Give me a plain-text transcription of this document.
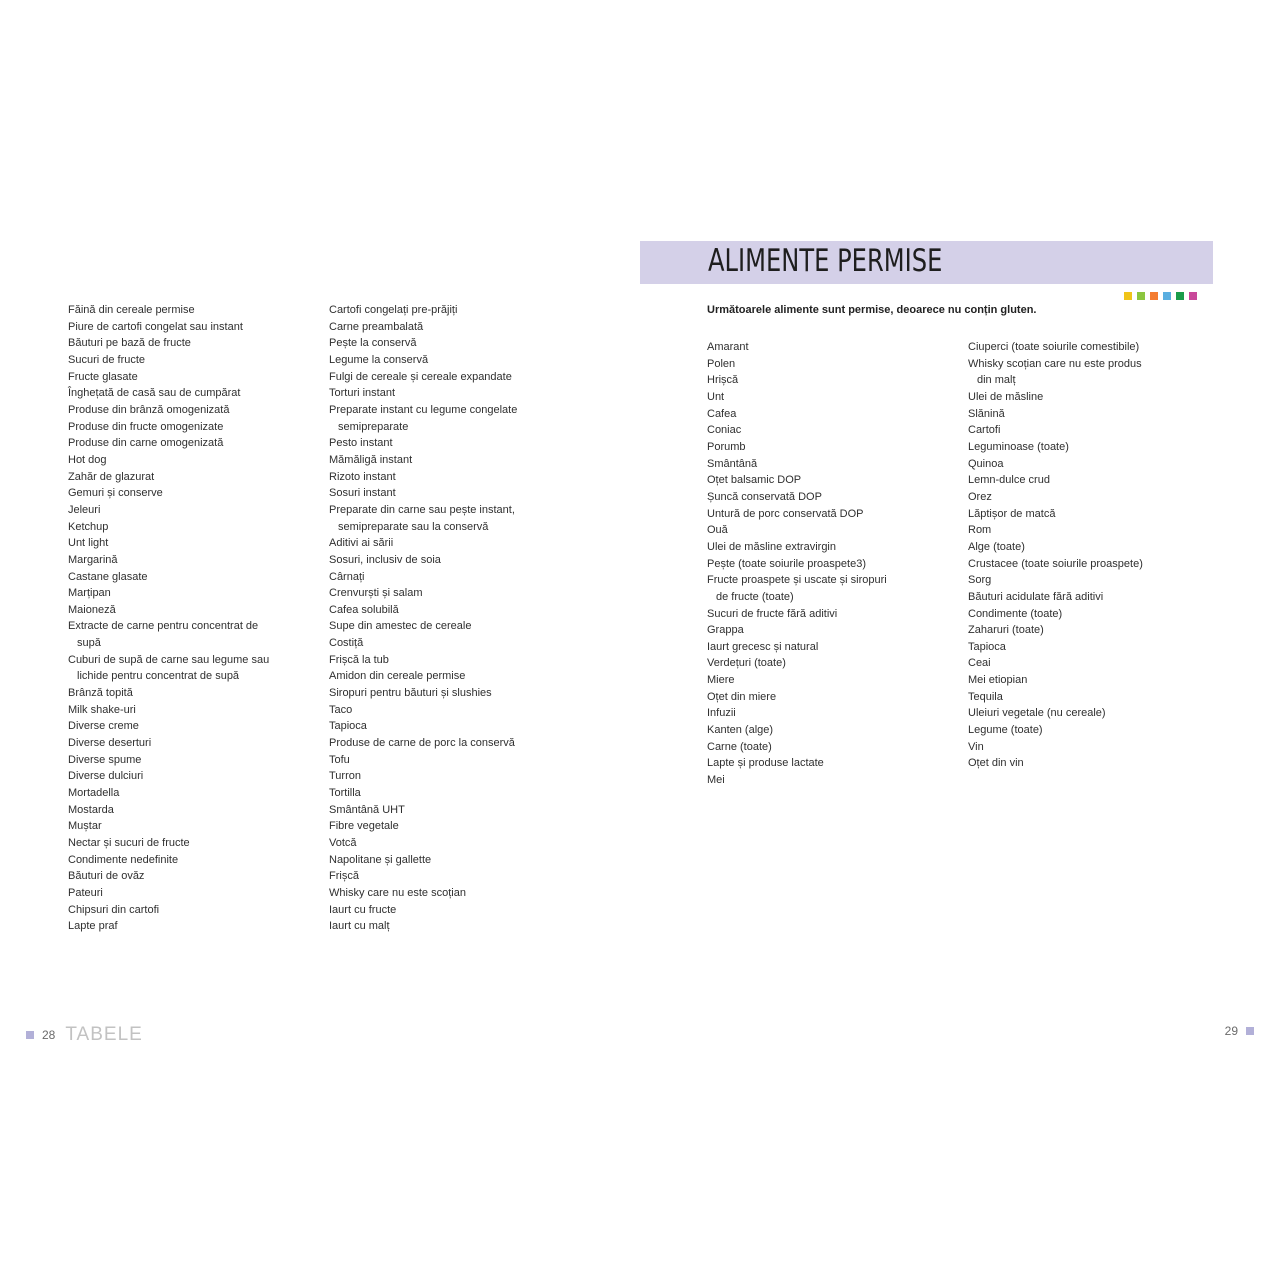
Făină din cereale permise
Piure de cartofi congelat sau instant
Băuturi pe bază de fructe
Sucuri de fructe
Fructe glasate
Înghețată de casă sau de cumpărat
Produse din brânză omogenizată
Produse din fructe omogenizate
Produse din carne omogenizată
Hot dog
Zahăr de glazurat
Gemuri și conserve
Jeleuri
Ketchup
Unt light
Margarină
Castane glasate
Marțipan
Maioneză
Extracte de carne pentru concentrat de
supă
Cuburi de supă de carne sau legume sau
lichide pentru concentrat de supă
Brânză topită
Milk shake-uri
Diverse creme
Diverse deserturi
Diverse spume
Diverse dulciuri
Mortadella
Mostarda
Muștar
Nectar și sucuri de fructe
Condimente nedefinite
Băuturi de ovăz
Pateuri
Chipsuri din cartofi
Lapte praf
Cartofi congelați pre-prăjiți
Carne preambalată
Pește la conservă
Legume la conservă
Fulgi de cereale și cereale expandate
Torturi instant
Preparate instant cu legume congelate
semipreparate
Pesto instant
Mămăligă instant
Rizoto instant
Sosuri instant
Preparate din carne sau pește instant,
semipreparate sau la conservă
Aditivi ai sării
Sosuri, inclusiv de soia
Cârnați
Crenvurști și salam
Cafea solubilă
Supe din amestec de cereale
Costiță
Frișcă la tub
Amidon din cereale permise
Siropuri pentru băuturi și slushies
Taco
Tapioca
Produse de carne de porc la conservă
Tofu
Turron
Tortilla
Smântână UHT
Fibre vegetale
Votcă
Napolitane și gallette
Frișcă
Whisky care nu este scoțian
Iaurt cu fructe
Iaurt cu malț
28 TABELE
ALIMENTE PERMISE
Următoarele alimente sunt permise, deoarece nu conțin gluten.
Amarant
Polen
Hrișcă
Unt
Cafea
Coniac
Porumb
Smântână
Oțet balsamic DOP
Șuncă conservată DOP
Untură de porc conservată DOP
Ouă
Ulei de măsline extravirgin
Pește (toate soiurile proaspete3)
Fructe proaspete și uscate și siropuri
de fructe (toate)
Sucuri de fructe fără aditivi
Grappa
Iaurt grecesc și natural
Verdețuri (toate)
Miere
Oțet din miere
Infuzii
Kanten (alge)
Carne (toate)
Lapte și produse lactate
Mei
Ciuperci (toate soiurile comestibile)
Whisky scoțian care nu este produs
din malț
Ulei de măsline
Slănină
Cartofi
Leguminoase (toate)
Quinoa
Lemn-dulce crud
Orez
Lăptișor de matcă
Rom
Alge (toate)
Crustacee (toate soiurile proaspete)
Sorg
Băuturi acidulate fără aditivi
Condimente (toate)
Zaharuri (toate)
Tapioca
Ceai
Mei etiopian
Tequila
Uleiuri vegetale (nu cereale)
Legume (toate)
Vin
Oțet din vin
29
